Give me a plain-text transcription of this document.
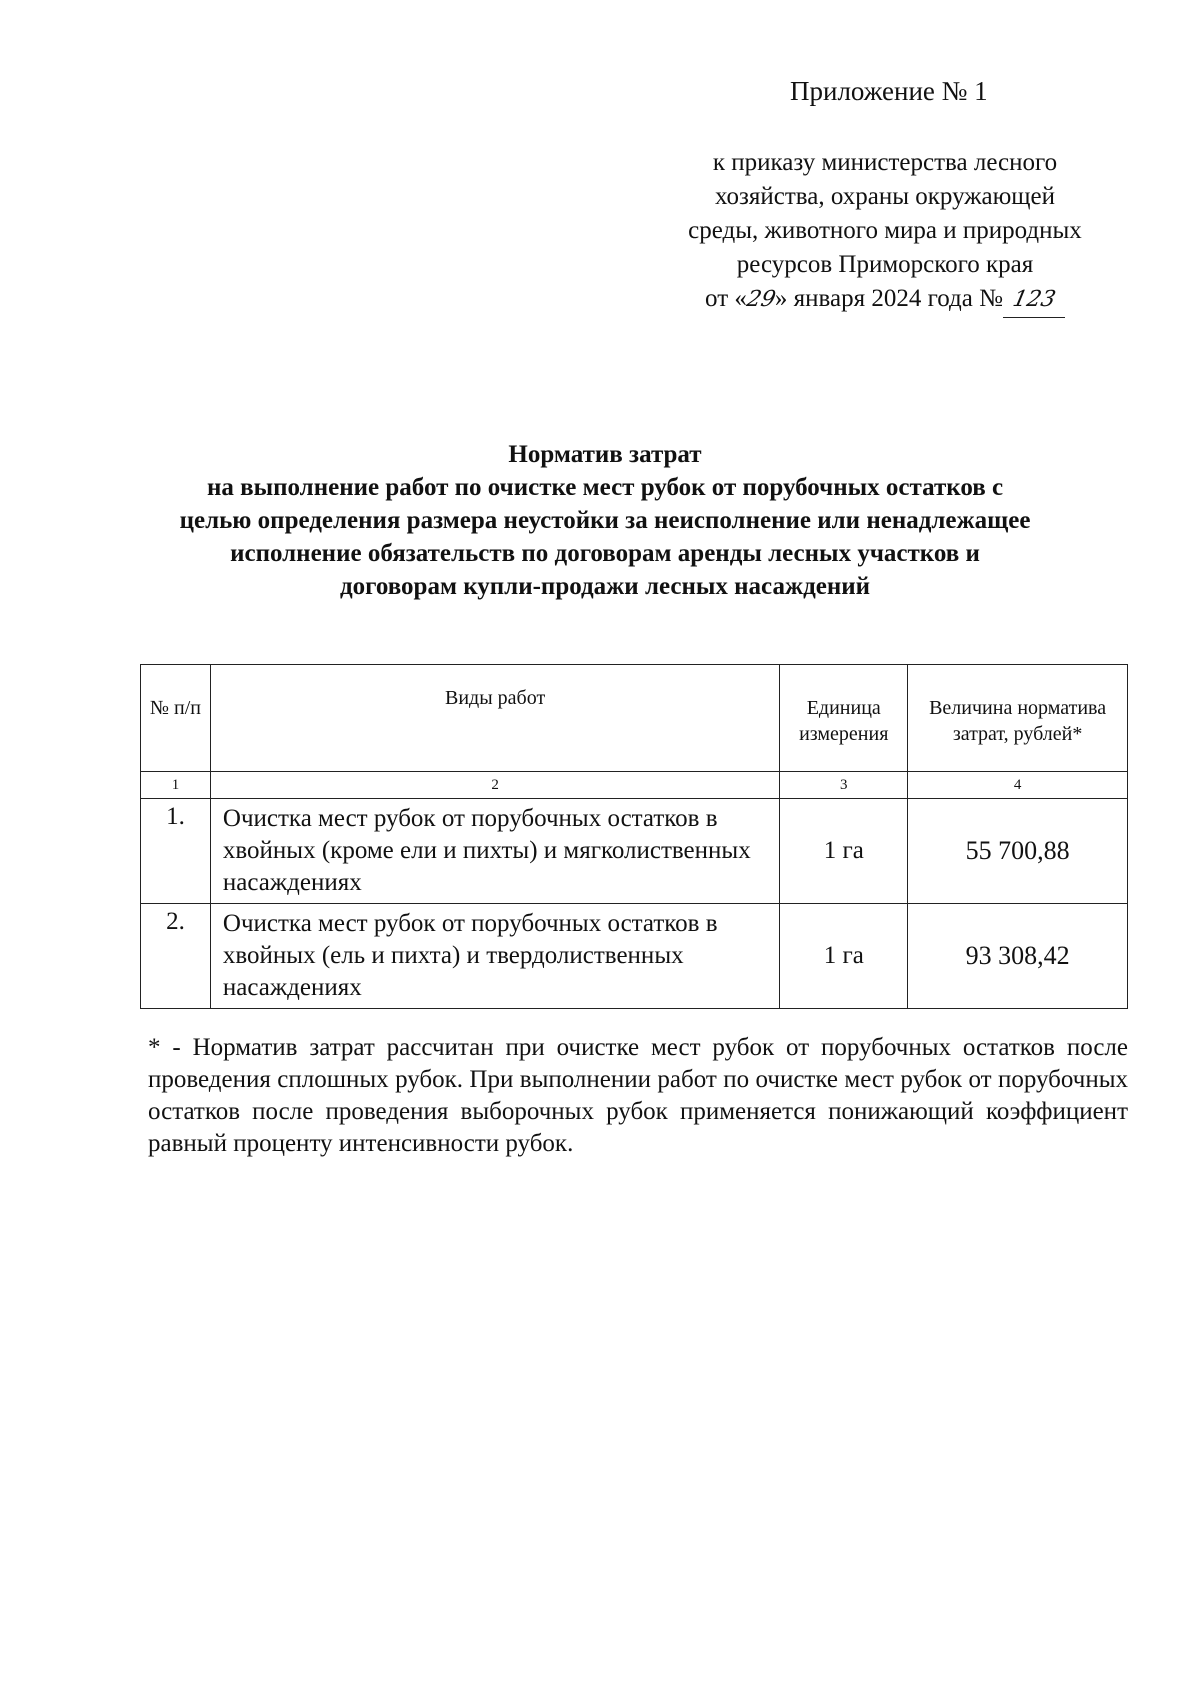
Приложение № 1
к приказу министерства лесного
хозяйства, охраны окружающей
среды, животного мира и природных
ресурсов Приморского края
от «29» января 2024 года № 123
Норматив затрат
на выполнение работ по очистке мест рубок от порубочных остатков с
целью определения размера неустойки за неисполнение или ненадлежащее
исполнение обязательств по договорам аренды лесных участков и
договорам купли-продажи лесных насаждений
№ п/п	Виды работ	Единица измерения	Величина норматива затрат, рублей*

1	2	3	4
1.	Очистка мест рубок от порубочных остатков в хвойных (кроме ели и пихты) и мягколиственных насаждениях	1 га	55 700,88
2.	Очистка мест рубок от порубочных остатков в хвойных (ель и пихта) и твердолиственных насаждениях	1 га	93 308,42
* - Норматив затрат рассчитан при очистке мест рубок от порубочных остатков после проведения сплошных рубок. При выполнении работ по очистке мест рубок от порубочных остатков после проведения выборочных рубок применяется понижающий коэффициент равный проценту интенсивности рубок.
